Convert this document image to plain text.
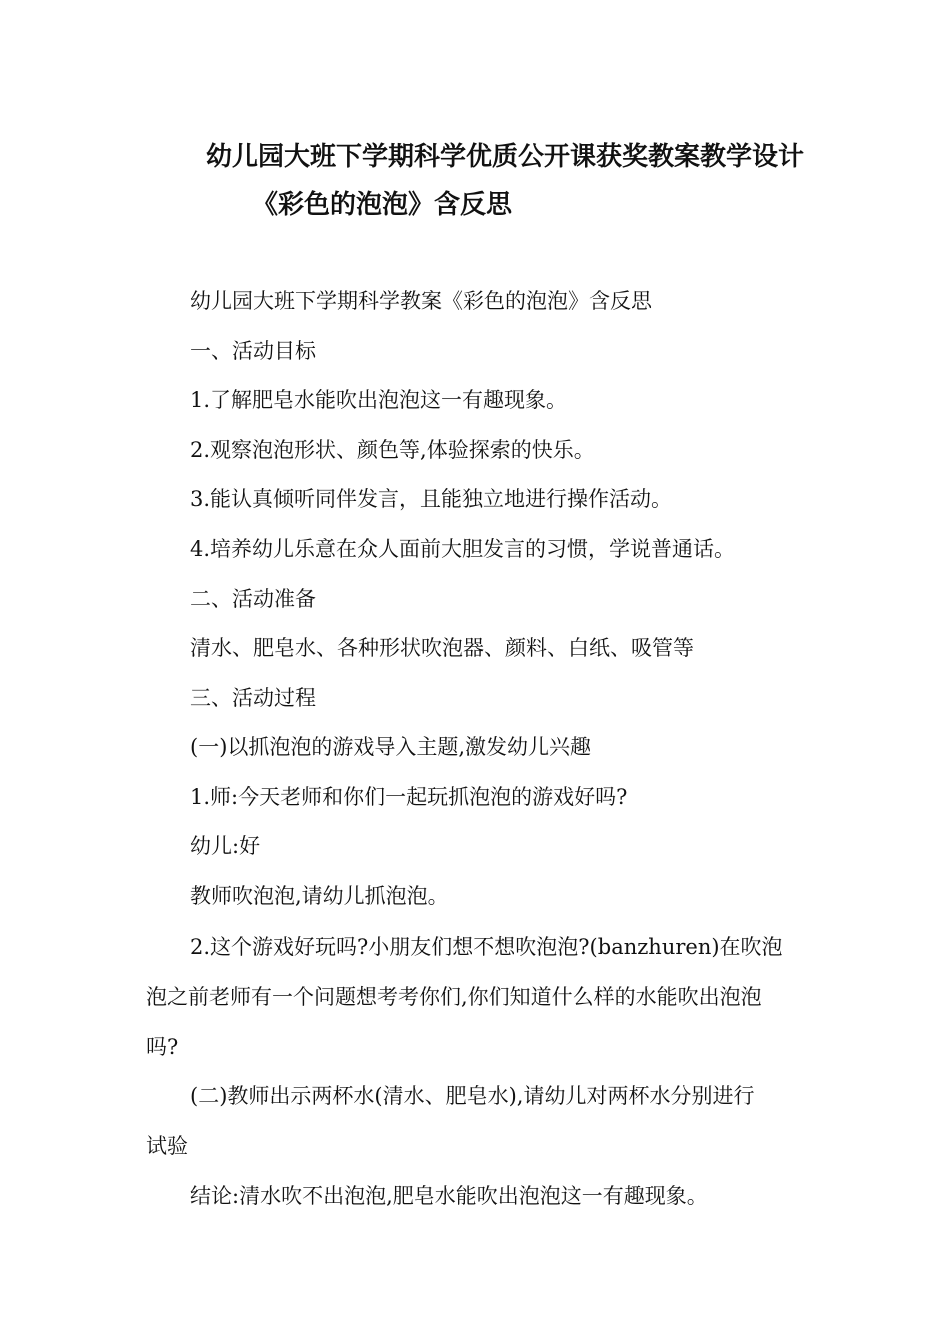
幼儿园大班下学期科学优质公开课获奖教案教学设计
《彩色的泡泡》含反思
幼儿园大班下学期科学教案《彩色的泡泡》含反思
一、活动目标
1.了解肥皂水能吹出泡泡这一有趣现象。
2.观察泡泡形状、颜色等,体验探索的快乐。
3.能认真倾听同伴发言，且能独立地进行操作活动。
4.培养幼儿乐意在众人面前大胆发言的习惯，学说普通话。
二、活动准备
清水、肥皂水、各种形状吹泡器、颜料、白纸、吸管等
三、活动过程
(一)以抓泡泡的游戏导入主题,激发幼儿兴趣
1.师:今天老师和你们一起玩抓泡泡的游戏好吗?
幼儿:好
教师吹泡泡,请幼儿抓泡泡。
2.这个游戏好玩吗?小朋友们想不想吹泡泡?(banzhuren)在吹泡
泡之前老师有一个问题想考考你们,你们知道什么样的水能吹出泡泡
吗?
(二)教师出示两杯水(清水、肥皂水),请幼儿对两杯水分别进行
试验
结论:清水吹不出泡泡,肥皂水能吹出泡泡这一有趣现象。
